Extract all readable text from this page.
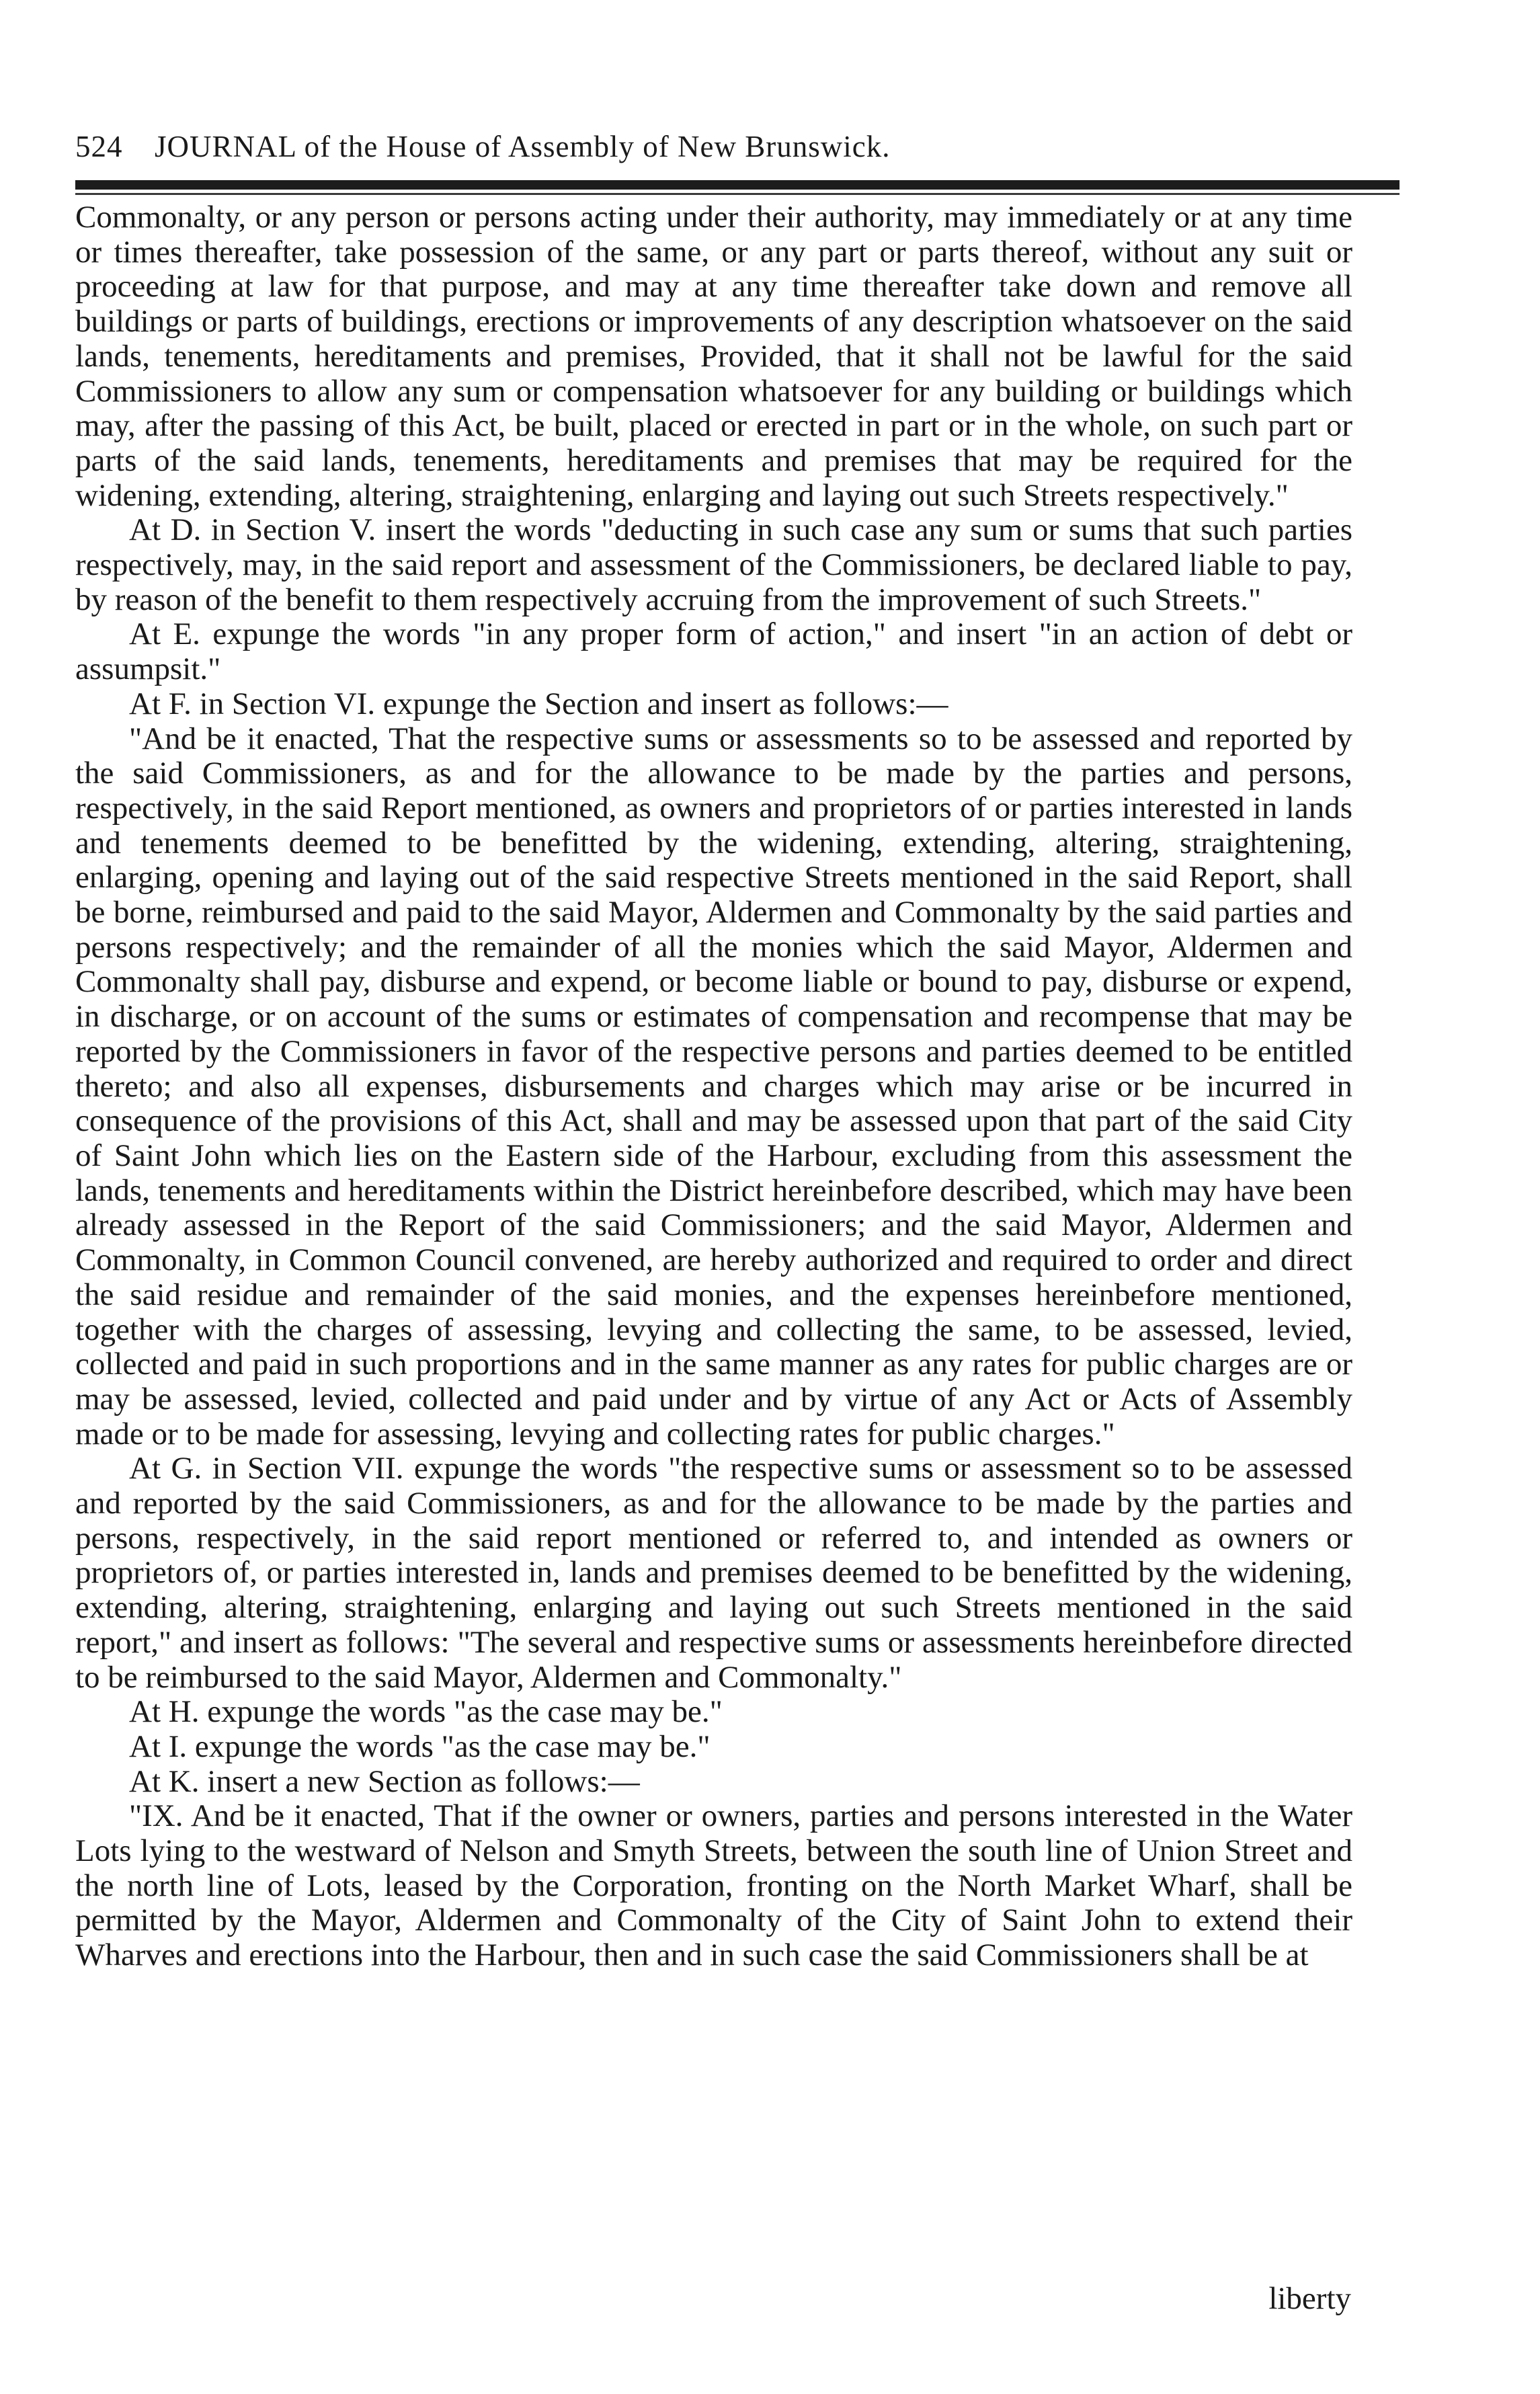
524 JOURNAL of the House of Assembly of New Brunswick.

Commonalty, or any person or persons acting under their authority, may immediately or at any time or times thereafter, take possession of the same, or any part or parts thereof, without any suit or proceeding at law for that purpose, and may at any time thereafter take down and remove all buildings or parts of buildings, erections or improvements of any description whatsoever on the said lands, tenements, hereditaments and premises, Provided, that it shall not be lawful for the said Commissioners to allow any sum or compensation whatsoever for any building or buildings which may, after the passing of this Act, be built, placed or erected in part or in the whole, on such part or parts of the said lands, tenements, hereditaments and premises that may be required for the widening, extending, altering, straightening, enlarging and laying out such Streets respectively."

At D. in Section V. insert the words "deducting in such case any sum or sums that such parties respectively, may, in the said report and assessment of the Commissioners, be declared liable to pay, by reason of the benefit to them respectively accruing from the improvement of such Streets."

At E. expunge the words "in any proper form of action," and insert "in an action of debt or assumpsit."

At F. in Section VI. expunge the Section and insert as follows:—

"And be it enacted, That the respective sums or assessments so to be assessed and reported by the said Commissioners, as and for the allowance to be made by the parties and persons, respectively, in the said Report mentioned, as owners and proprietors of or parties interested in lands and tenements deemed to be benefitted by the widening, extending, altering, straightening, enlarging, opening and laying out of the said respective Streets mentioned in the said Report, shall be borne, reimbursed and paid to the said Mayor, Aldermen and Commonalty by the said parties and persons respectively; and the remainder of all the monies which the said Mayor, Aldermen and Commonalty shall pay, disburse and expend, or become liable or bound to pay, disburse or expend, in discharge, or on account of the sums or estimates of compensation and recompense that may be reported by the Commissioners in favor of the respective persons and parties deemed to be entitled thereto; and also all expenses, disbursements and charges which may arise or be incurred in consequence of the provisions of this Act, shall and may be assessed upon that part of the said City of Saint John which lies on the Eastern side of the Harbour, excluding from this assessment the lands, tenements and hereditaments within the District hereinbefore described, which may have been already assessed in the Report of the said Commissioners; and the said Mayor, Aldermen and Commonalty, in Common Council convened, are hereby authorized and required to order and direct the said residue and remainder of the said monies, and the expenses hereinbefore mentioned, together with the charges of assessing, levying and collecting the same, to be assessed, levied, collected and paid in such proportions and in the same manner as any rates for public charges are or may be assessed, levied, collected and paid under and by virtue of any Act or Acts of Assembly made or to be made for assessing, levying and collecting rates for public charges."

At G. in Section VII. expunge the words "the respective sums or assessment so to be assessed and reported by the said Commissioners, as and for the allowance to be made by the parties and persons, respectively, in the said report mentioned or referred to, and intended as owners or proprietors of, or parties interested in, lands and premises deemed to be benefitted by the widening, extending, altering, straightening, enlarging and laying out such Streets mentioned in the said report," and insert as follows: "The several and respective sums or assessments hereinbefore directed to be reimbursed to the said Mayor, Aldermen and Commonalty."

At H. expunge the words "as the case may be."

At I. expunge the words "as the case may be."

At K. insert a new Section as follows:—

"IX. And be it enacted, That if the owner or owners, parties and persons interested in the Water Lots lying to the westward of Nelson and Smyth Streets, between the south line of Union Street and the north line of Lots, leased by the Corporation, fronting on the North Market Wharf, shall be permitted by the Mayor, Aldermen and Commonalty of the City of Saint John to extend their Wharves and erections into the Harbour, then and in such case the said Commissioners shall be at

liberty
